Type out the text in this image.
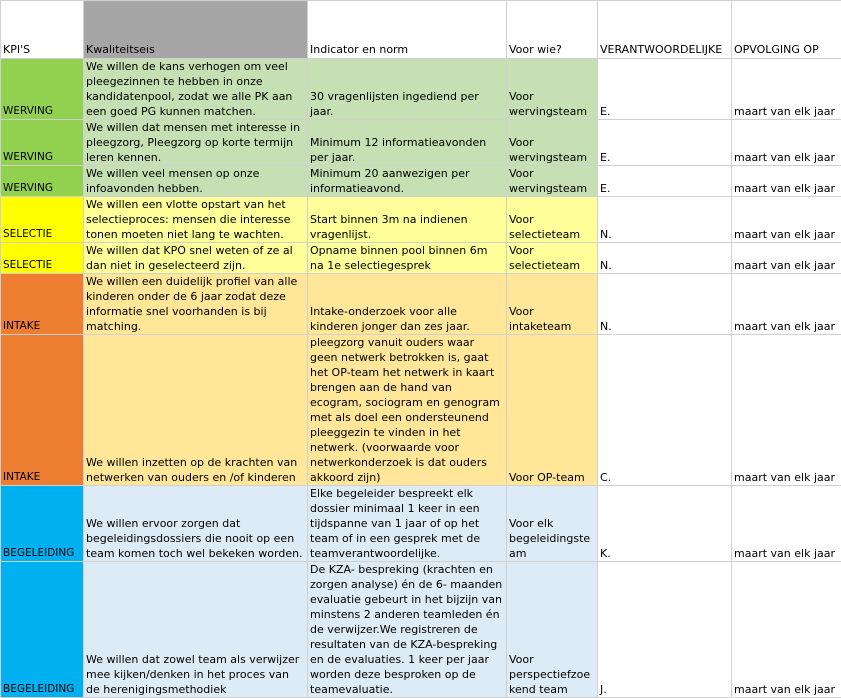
KPI'S	Kwaliteitseis	Indicator en norm	Voor wie?	VERANTWOORDELIJKE	OPVOLGING OP
WERVING	We willen de kans verhogen om veel pleegezinnen te hebben in onze kandidatenpool, zodat we alle PK aan een goed PG kunnen matchen.	30 vragenlijsten ingediend per jaar.	Voor wervingsteam	E.	maart van elk jaar
WERVING	We willen dat mensen met interesse in pleegzorg, Pleegzorg op korte termijn leren kennen.	Minimum 12 informatieavonden per jaar.	Voor wervingsteam	E.	maart van elk jaar
WERVING	We willen veel mensen op onze infoavonden hebben.	Minimum 20 aanwezigen per informatieavond.	Voor wervingsteam	E.	maart van elk jaar
SELECTIE	We willen een vlotte opstart van het selectieproces: mensen die interesse tonen moeten niet lang te wachten.	Start binnen 3m na indienen vragenlijst.	Voor selectieteam	N.	maart van elk jaar
SELECTIE	We willen dat KPO snel weten of ze al dan niet in geselecteerd zijn.	Opname binnen pool binnen 6m na 1e selectiegesprek	Voor selectieteam	N.	maart van elk jaar
INTAKE	We willen een duidelijk profiel van alle kinderen onder de 6 jaar zodat deze informatie snel voorhanden is bij matching.	Intake-onderzoek voor alle kinderen jonger dan zes jaar.	Voor intaketeam	N.	maart van elk jaar
INTAKE	We willen inzetten op de krachten van netwerken van ouders en /of kinderen	pleegzorg vanuit ouders waar geen netwerk betrokken is, gaat het OP-team het netwerk in kaart brengen aan de hand van ecogram, sociogram en genogram met als doel een ondersteunend pleeggezin te vinden in het netwerk. (voorwaarde voor netwerkonderzoek is dat ouders akkoord zijn)	Voor OP-team	C.	maart van elk jaar
BEGELEIDING	We willen ervoor zorgen dat begeleidingsdossiers die nooit op een team komen toch wel bekeken worden.	Elke begeleider bespreekt elk dossier minimaal 1 keer in een tijdspanne van 1 jaar of op het team of in een gesprek met de teamverantwoordelijke.	Voor elk begeleidingsteam	K.	maart van elk jaar
BEGELEIDING	We willen dat zowel team als verwijzer mee kijken/denken in het proces van de herenigingsmethodiek	De KZA- bespreking (krachten en zorgen analyse) én de 6- maanden evaluatie gebeurt in het bijzijn van minstens 2 anderen teamleden én de verwijzer.We registreren de resultaten van de KZA-bespreking en de evaluaties. 1 keer per jaar worden deze besproken op de teamevaluatie.	Voor perspectiefzoekend team	J.	maart van elk jaar
